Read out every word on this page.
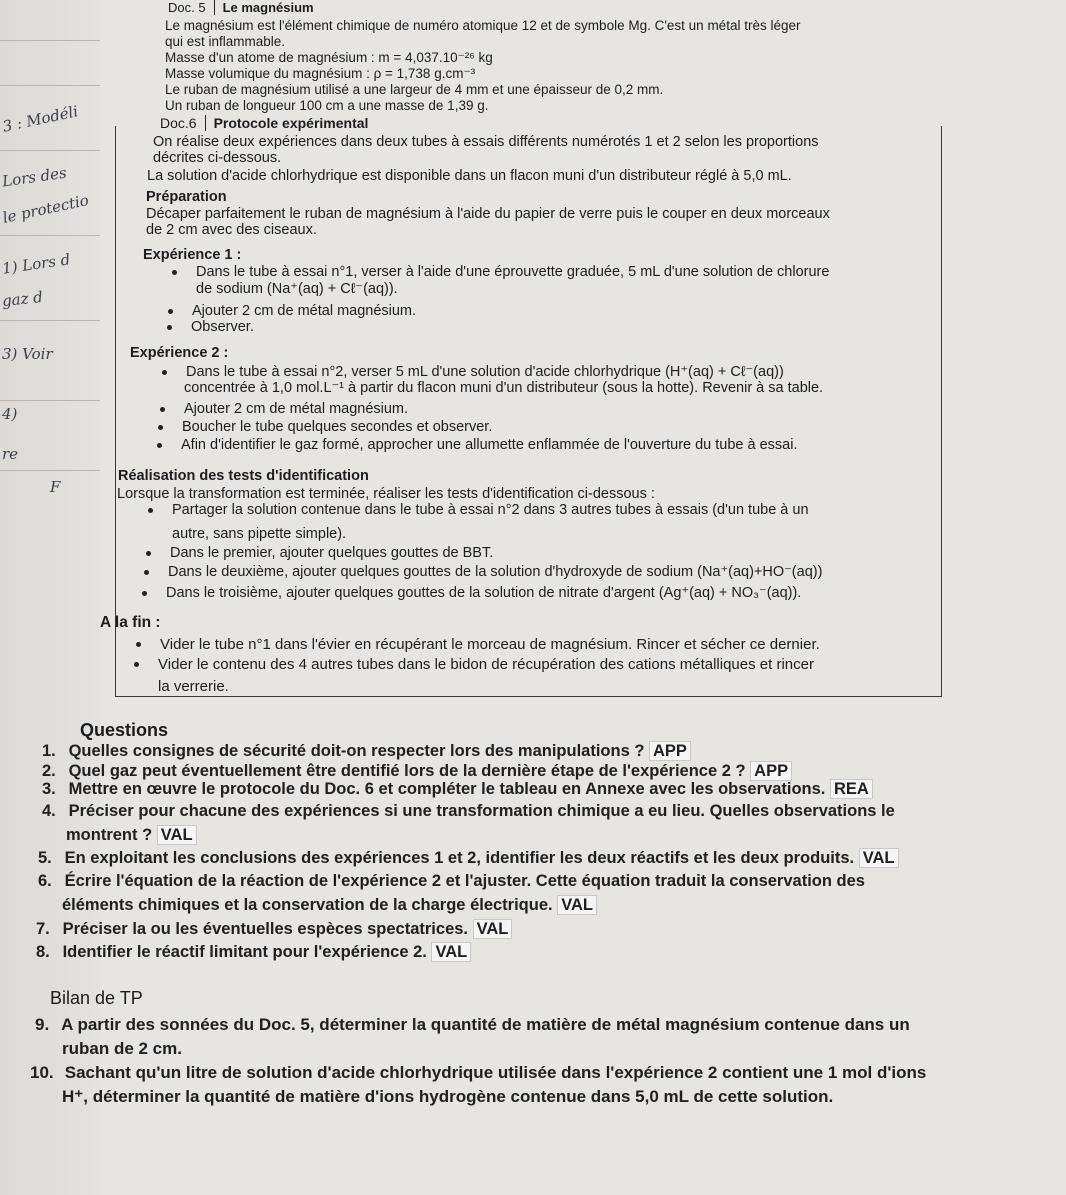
3 : Modéli
Lors des
le protectio
1) Lors d
gaz d
3) Voir
4)
re
F
Doc. 5 Le magnésium
Le magnésium est l'élément chimique de numéro atomique 12 et de symbole Mg. C'est un métal très léger
qui est inflammable.
Masse d'un atome de magnésium : m = 4,037.10⁻²⁶ kg
Masse volumique du magnésium : ρ = 1,738 g.cm⁻³
Le ruban de magnésium utilisé a une largeur de 4 mm et une épaisseur de 0,2 mm.
Un ruban de longueur 100 cm a une masse de 1,39 g.
Doc.6 Protocole expérimental
On réalise deux expériences dans deux tubes à essais différents numérotés 1 et 2 selon les proportions
décrites ci-dessous.
La solution d'acide chlorhydrique est disponible dans un flacon muni d'un distributeur réglé à 5,0 mL.
Préparation
Décaper parfaitement le ruban de magnésium à l'aide du papier de verre puis le couper en deux morceaux
de 2 cm avec des ciseaux.
Expérience 1 :
Dans le tube à essai n°1, verser à l'aide d'une éprouvette graduée, 5 mL d'une solution de chlorure
de sodium (Na⁺(aq) + Cℓ⁻(aq)).
Ajouter 2 cm de métal magnésium.
Observer.
Expérience 2 :
Dans le tube à essai n°2, verser 5 mL d'une solution d'acide chlorhydrique (H⁺(aq) + Cℓ⁻(aq))
concentrée à 1,0 mol.L⁻¹ à partir du flacon muni d'un distributeur (sous la hotte). Revenir à sa table.
Ajouter 2 cm de métal magnésium.
Boucher le tube quelques secondes et observer.
Afin d'identifier le gaz formé, approcher une allumette enflammée de l'ouverture du tube à essai.
Réalisation des tests d'identification
Lorsque la transformation est terminée, réaliser les tests d'identification ci-dessous :
Partager la solution contenue dans le tube à essai n°2 dans 3 autres tubes à essais (d'un tube à un
autre, sans pipette simple).
Dans le premier, ajouter quelques gouttes de BBT.
Dans le deuxième, ajouter quelques gouttes de la solution d'hydroxyde de sodium (Na⁺(aq)+HO⁻(aq))
Dans le troisième, ajouter quelques gouttes de la solution de nitrate d'argent (Ag⁺(aq) + NO₃⁻(aq)).
A la fin :
Vider le tube n°1 dans l'évier en récupérant le morceau de magnésium. Rincer et sécher ce dernier.
Vider le contenu des 4 autres tubes dans le bidon de récupération des cations métalliques et rincer
la verrerie.
Questions
1. Quelles consignes de sécurité doit-on respecter lors des manipulations ? APP
2. Quel gaz peut éventuellement être dentifié lors de la dernière étape de l'expérience 2 ? APP
3. Mettre en œuvre le protocole du Doc. 6 et compléter le tableau en Annexe avec les observations. REA
4. Préciser pour chacune des expériences si une transformation chimique a eu lieu. Quelles observations le
montrent ? VAL
5. En exploitant les conclusions des expériences 1 et 2, identifier les deux réactifs et les deux produits. VAL
6. Écrire l'équation de la réaction de l'expérience 2 et l'ajuster. Cette équation traduit la conservation des
éléments chimiques et la conservation de la charge électrique. VAL
7. Préciser la ou les éventuelles espèces spectatrices. VAL
8. Identifier le réactif limitant pour l'expérience 2. VAL
Bilan de TP
9. A partir des sonnées du Doc. 5, déterminer la quantité de matière de métal magnésium contenue dans un
ruban de 2 cm.
10. Sachant qu'un litre de solution d'acide chlorhydrique utilisée dans l'expérience 2 contient une 1 mol d'ions
H⁺, déterminer la quantité de matière d'ions hydrogène contenue dans 5,0 mL de cette solution.
